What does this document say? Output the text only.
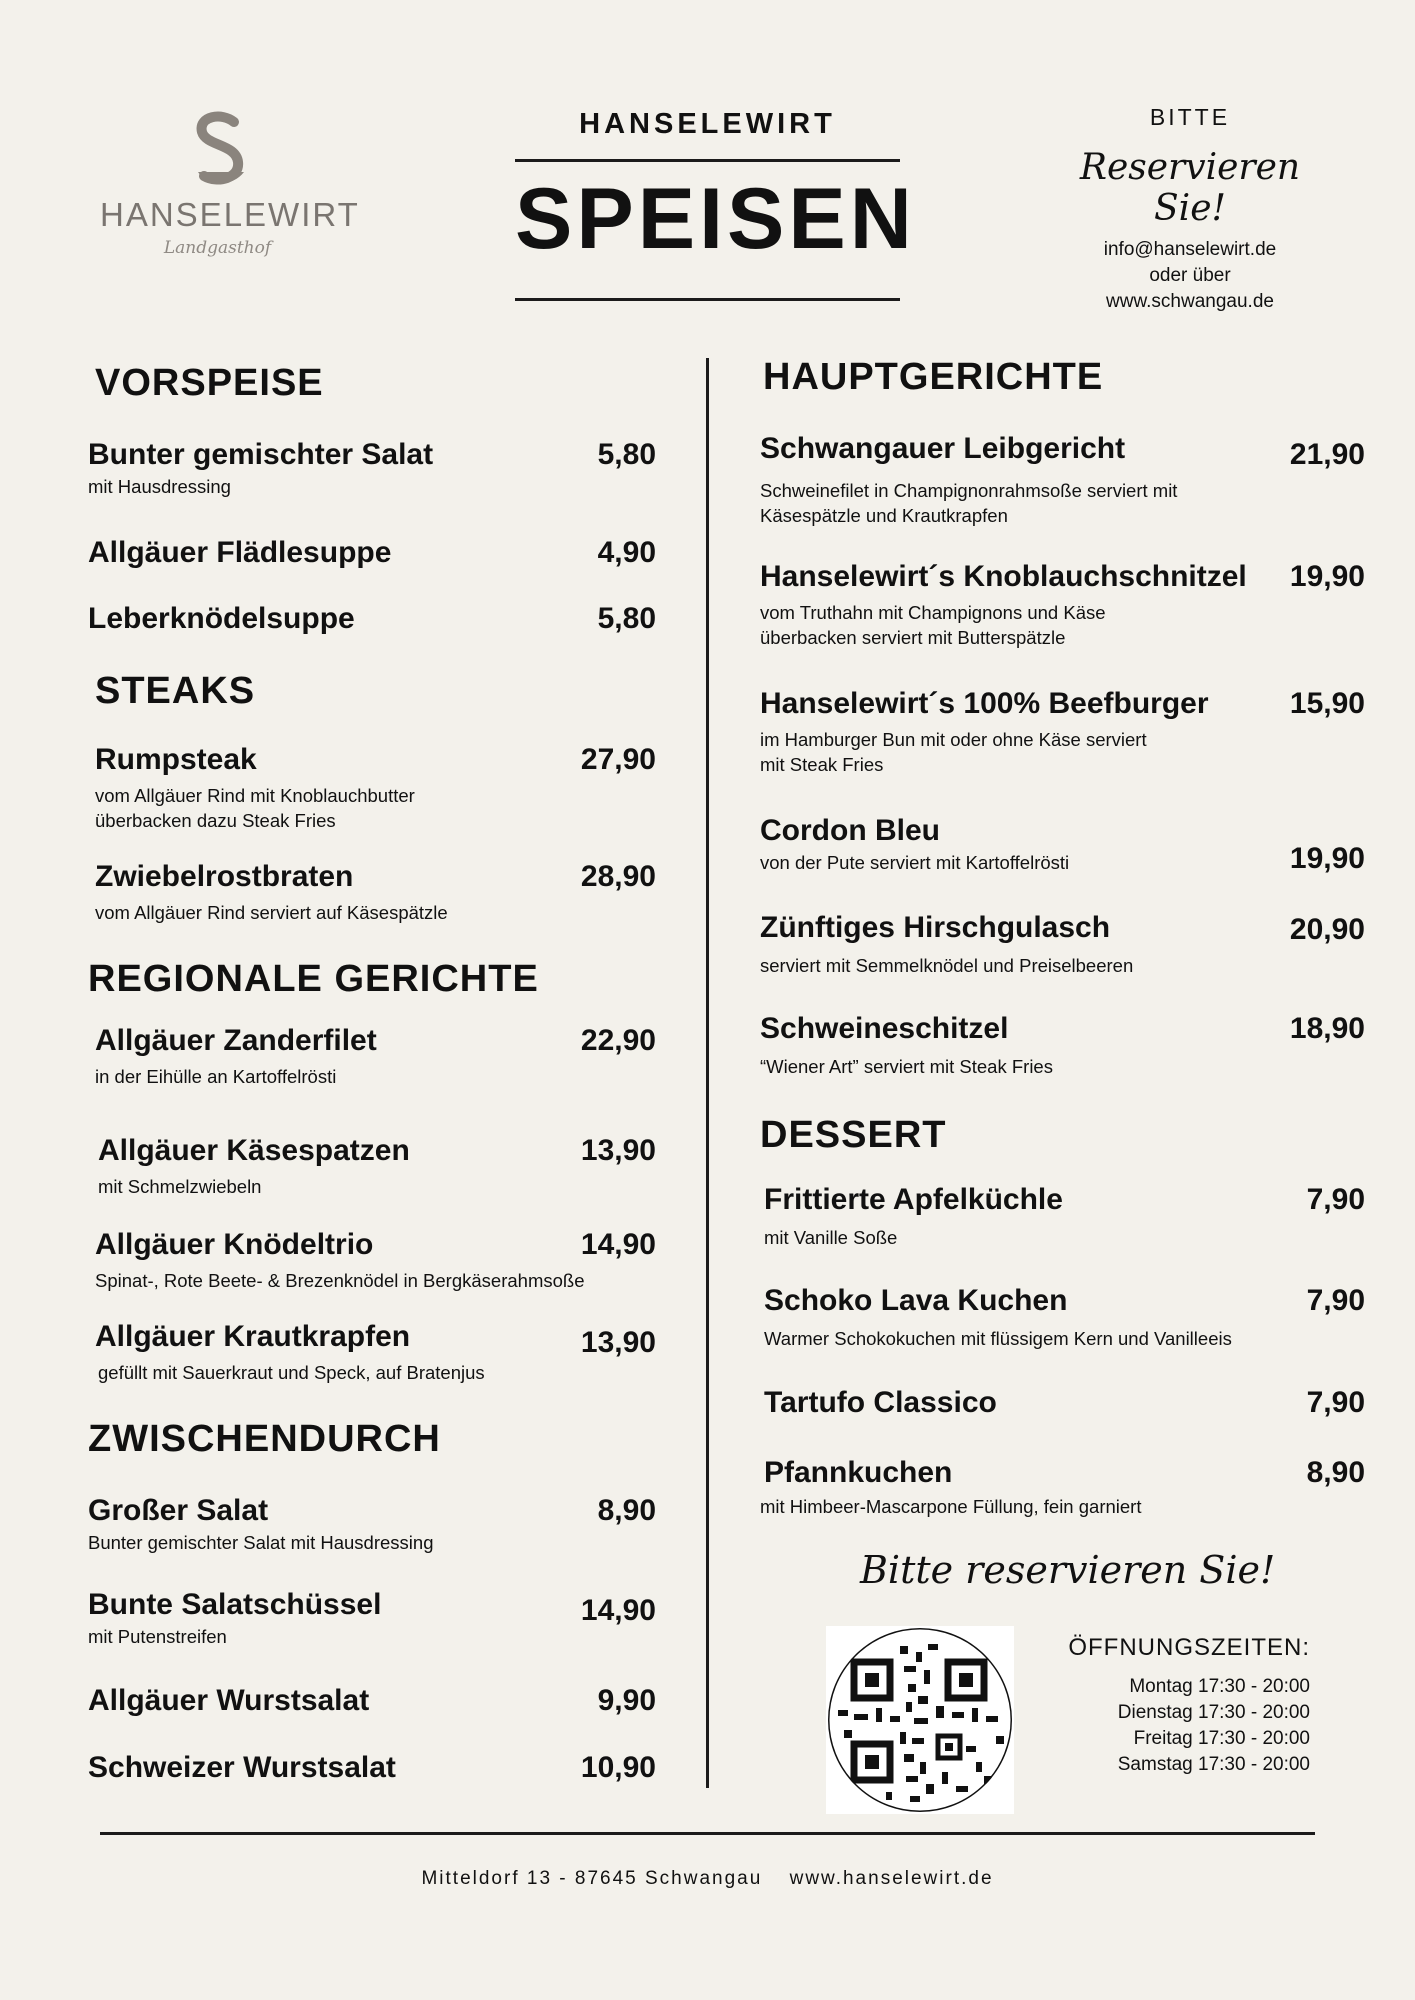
HANSELEWIRT
Landgasthof
HANSELEWIRT
SPEISEN
BITTE
Reservieren Sie!
info@hanselewirt.de
oder über
www.schwangau.de
VORSPEISE
5,80
Bunter gemischter Salat
mit Hausdressing
4,90
Allgäuer Flädlesuppe
5,80
Leberknödelsuppe
STEAKS
27,90
Rumpsteak
vom Allgäuer Rind mit Knoblauchbutter überbacken dazu Steak Fries
28,90
Zwiebelrostbraten
vom Allgäuer Rind serviert auf Käsespätzle
REGIONALE GERICHTE
22,90
Allgäuer Zanderfilet
in der Eihülle an Kartoffelrösti
13,90
Allgäuer Käsespatzen
mit Schmelzwiebeln
14,90
Allgäuer Knödeltrio
Spinat-, Rote Beete- & Brezenknödel in Bergkäserahmsoße
13,90
Allgäuer Krautkrapfen
gefüllt mit Sauerkraut und Speck, auf Bratenjus
ZWISCHENDURCH
8,90
Großer Salat
Bunter gemischter Salat mit Hausdressing
14,90
Bunte Salatschüssel
mit Putenstreifen
9,90
Allgäuer Wurstsalat
10,90
Schweizer Wurstsalat
HAUPTGERICHTE
21,90
Schwangauer Leibgericht
Schweinefilet in Champignonrahmsoße serviert mit Käsespätzle und Krautkrapfen
19,90
Hanselewirt´s Knoblauchschnitzel
vom Truthahn mit Champignons und Käse überbacken serviert mit Butterspätzle
15,90
Hanselewirt´s 100% Beefburger
im Hamburger Bun mit oder ohne Käse serviert mit Steak Fries
19,90
Cordon Bleu
von der Pute serviert mit Kartoffelrösti
20,90
Zünftiges Hirschgulasch
serviert mit Semmelknödel und Preiselbeeren
18,90
Schweineschitzel
“Wiener Art” serviert mit Steak Fries
DESSERT
7,90
Frittierte Apfelküchle
mit Vanille Soße
7,90
Schoko Lava Kuchen
Warmer Schokokuchen mit flüssigem Kern und Vanilleeis
7,90
Tartufo Classico
8,90
Pfannkuchen
mit Himbeer-Mascarpone Füllung, fein garniert
Bitte reservieren Sie!
ÖFFNUNGSZEITEN:
Montag 17:30 - 20:00
Dienstag 17:30 - 20:00
Freitag 17:30 - 20:00
Samstag 17:30 - 20:00
Mitteldorf 13 - 87645 Schwangau www.hanselewirt.de
